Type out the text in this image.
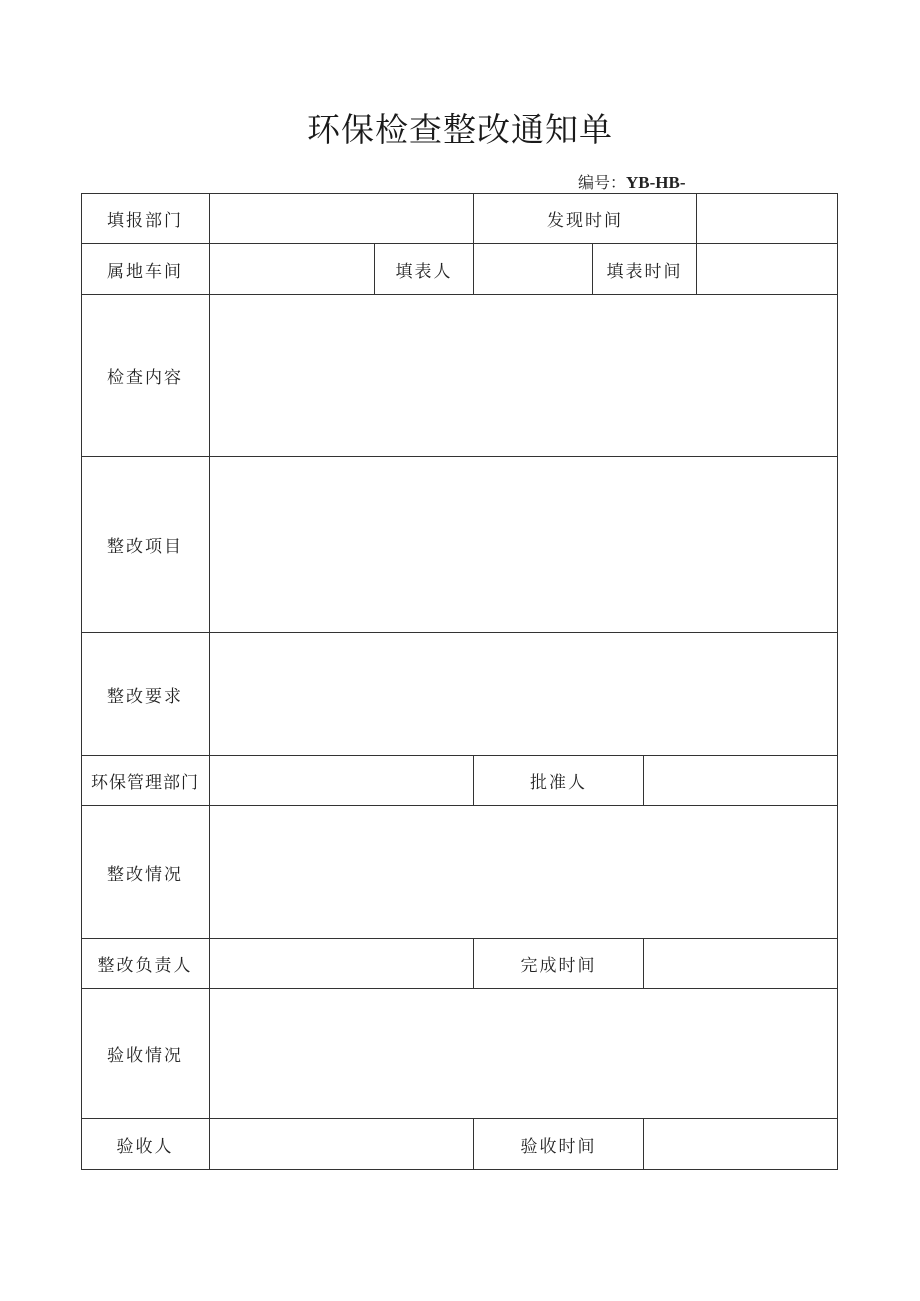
环保检查整改通知单
编号：YB-HB-
填报部门	发现时间
属地车间	填表人	填表时间
检查内容
整改项目
整改要求
环保管理部门	批准人
整改情况
整改负责人	完成时间
验收情况
验收人	验收时间
